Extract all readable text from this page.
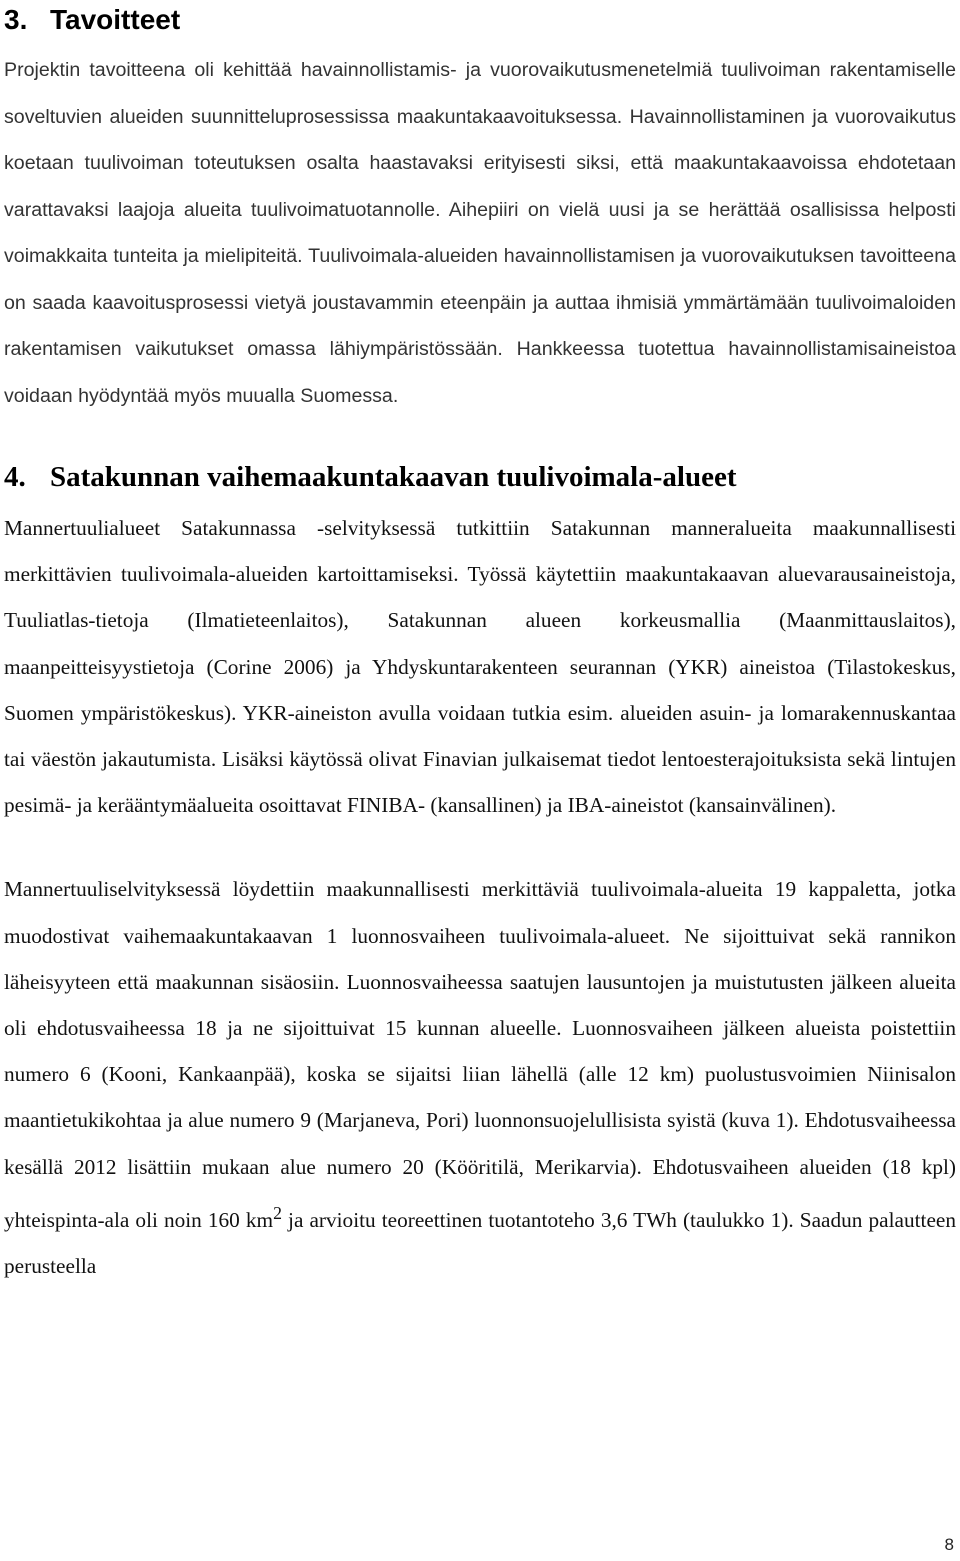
3. Tavoitteet

Projektin tavoitteena oli kehittää havainnollistamis- ja vuorovaikutusmenetelmiä tuulivoiman rakentamiselle soveltuvien alueiden suunnitteluprosessissa maakuntakaavoituksessa. Havainnollistaminen ja vuorovaikutus koetaan tuulivoiman toteutuksen osalta haastavaksi erityisesti siksi, että maakuntakaavoissa ehdotetaan varattavaksi laajoja alueita tuulivoimatuotannolle. Aihepiiri on vielä uusi ja se herättää osallisissa helposti voimakkaita tunteita ja mielipiteitä. Tuulivoimala-alueiden havainnollistamisen ja vuorovaikutuksen tavoitteena on saada kaavoitusprosessi vietyä joustavammin eteenpäin ja auttaa ihmisiä ymmärtämään tuulivoimaloiden rakentamisen vaikutukset omassa lähiympäristössään. Hankkeessa tuotettua havainnollistamisaineistoa voidaan hyödyntää myös muualla Suomessa.

4. Satakunnan vaihemaakuntakaavan tuulivoimala-alueet

Mannertuulialueet Satakunnassa -selvityksessä tutkittiin Satakunnan manneralueita maakunnallisesti merkittävien tuulivoimala-alueiden kartoittamiseksi. Työssä käytettiin maakuntakaavan aluevarausaineistoja, Tuuliatlas-tietoja (Ilmatieteenlaitos), Satakunnan alueen korkeusmallia (Maanmittauslaitos), maanpeitteisyystietoja (Corine 2006) ja Yhdyskuntarakenteen seurannan (YKR) aineistoa (Tilastokeskus, Suomen ympäristökeskus). YKR-aineiston avulla voidaan tutkia esim. alueiden asuin- ja lomarakennuskantaa tai väestön jakautumista. Lisäksi käytössä olivat Finavian julkaisemat tiedot lentoesterajoituksista sekä lintujen pesimä- ja kerääntymäalueita osoittavat FINIBA- (kansallinen) ja IBA-aineistot (kansainvälinen).

Mannertuuliselvityksessä löydettiin maakunnallisesti merkittäviä tuulivoimala-alueita 19 kappaletta, jotka muodostivat vaihemaakuntakaavan 1 luonnosvaiheen tuulivoimala-alueet. Ne sijoittuivat sekä rannikon läheisyyteen että maakunnan sisäosiin. Luonnosvaiheessa saatujen lausuntojen ja muistutusten jälkeen alueita oli ehdotusvaiheessa 18 ja ne sijoittuivat 15 kunnan alueelle. Luonnosvaiheen jälkeen alueista poistettiin numero 6 (Kooni, Kankaanpää), koska se sijaitsi liian lähellä (alle 12 km) puolustusvoimien Niinisalon maantietukikohtaa ja alue numero 9 (Marjaneva, Pori) luonnonsuojelullisista syistä (kuva 1). Ehdotusvaiheessa kesällä 2012 lisättiin mukaan alue numero 20 (Kööritilä, Merikarvia). Ehdotusvaiheen alueiden (18 kpl) yhteispinta-ala oli noin 160 $km^2$ ja arvioitu teoreettinen tuotantoteho 3,6 TWh (taulukko 1). Saadun palautteen perusteella

8
